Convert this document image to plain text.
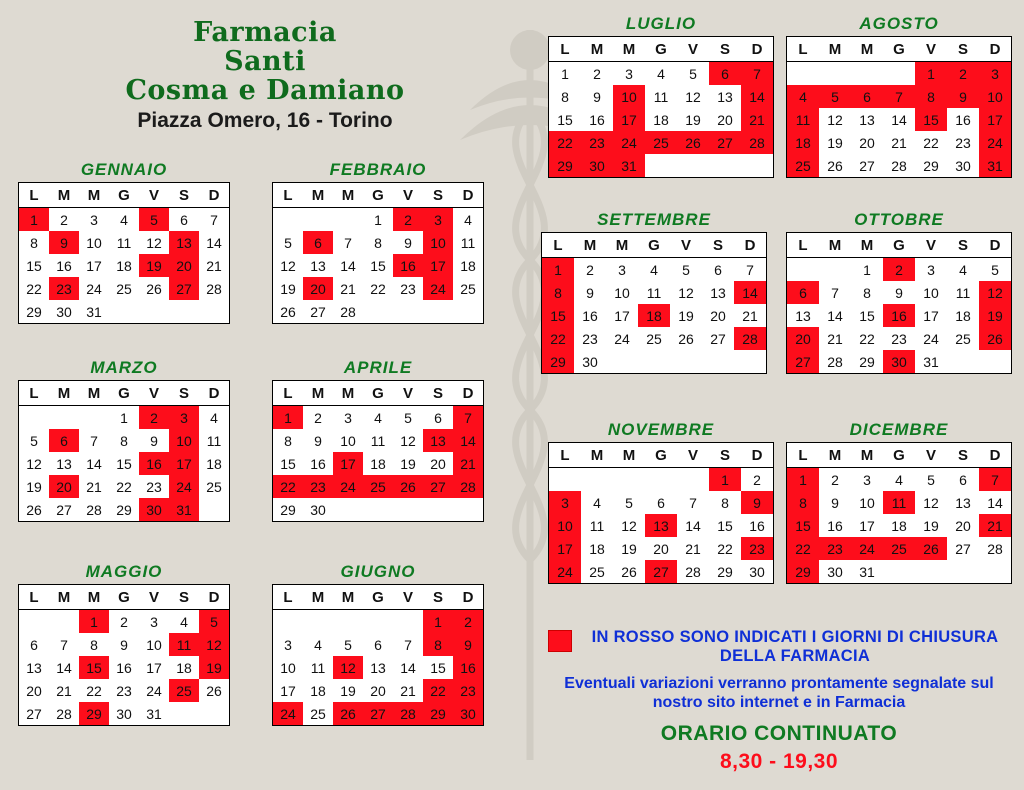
Farmacia
Santi
Cosma e Damiano
Piazza Omero, 16 - Torino
GENNAIO
L	M	M	G	V	S	D
1	2	3	4	5	6	7
8	9	10	11	12	13	14
15	16	17	18	19	20	21
22	23	24	25	26	27	28
29	30	31				
FEBBRAIO
L	M	M	G	V	S	D
			1	2	3	4
5	6	7	8	9	10	11
12	13	14	15	16	17	18
19	20	21	22	23	24	25
26	27	28				
MARZO
L	M	M	G	V	S	D
			1	2	3	4
5	6	7	8	9	10	11
12	13	14	15	16	17	18
19	20	21	22	23	24	25
26	27	28	29	30	31	
APRILE
L	M	M	G	V	S	D
1	2	3	4	5	6	7
8	9	10	11	12	13	14
15	16	17	18	19	20	21
22	23	24	25	26	27	28
29	30					
MAGGIO
L	M	M	G	V	S	D
		1	2	3	4	5
6	7	8	9	10	11	12
13	14	15	16	17	18	19
20	21	22	23	24	25	26
27	28	29	30	31		
GIUGNO
L	M	M	G	V	S	D
					1	2
3	4	5	6	7	8	9
10	11	12	13	14	15	16
17	18	19	20	21	22	23
24	25	26	27	28	29	30
LUGLIO
L	M	M	G	V	S	D
1	2	3	4	5	6	7
8	9	10	11	12	13	14
15	16	17	18	19	20	21
22	23	24	25	26	27	28
29	30	31				
AGOSTO
L	M	M	G	V	S	D
				1	2	3
4	5	6	7	8	9	10
11	12	13	14	15	16	17
18	19	20	21	22	23	24
25	26	27	28	29	30	31
SETTEMBRE
L	M	M	G	V	S	D
1	2	3	4	5	6	7
8	9	10	11	12	13	14
15	16	17	18	19	20	21
22	23	24	25	26	27	28
29	30					
OTTOBRE
L	M	M	G	V	S	D
		1	2	3	4	5
6	7	8	9	10	11	12
13	14	15	16	17	18	19
20	21	22	23	24	25	26
27	28	29	30	31		
NOVEMBRE
L	M	M	G	V	S	D
					1	2
3	4	5	6	7	8	9
10	11	12	13	14	15	16
17	18	19	20	21	22	23
24	25	26	27	28	29	30
DICEMBRE
L	M	M	G	V	S	D
1	2	3	4	5	6	7
8	9	10	11	12	13	14
15	16	17	18	19	20	21
22	23	24	25	26	27	28
29	30	31				
IN ROSSO SONO INDICATI I GIORNI DI CHIUSURA DELLA FARMACIA
Eventuali variazioni verranno prontamente segnalate sul nostro sito internet e in Farmacia
ORARIO CONTINUATO
8,30 - 19,30
